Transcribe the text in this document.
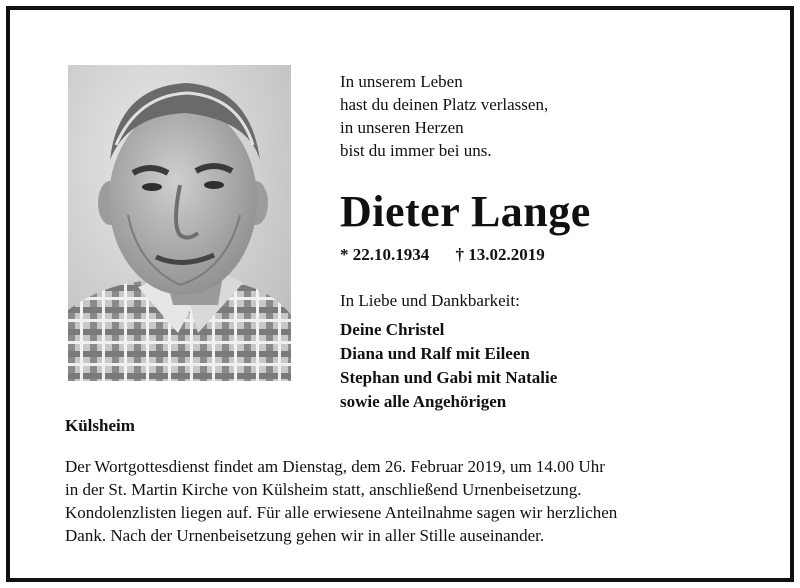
In unserem Leben
hast du deinen Platz verlassen,
in unseren Herzen
bist du immer bei uns.
Dieter Lange
* 22.10.1934 † 13.02.2019
In Liebe und Dankbarkeit:
Deine Christel
Diana und Ralf mit Eileen
Stephan und Gabi mit Natalie
sowie alle Angehörigen
Külsheim
Der Wortgottesdienst findet am Dienstag, dem 26. Februar 2019, um 14.00 Uhr
in der St. Martin Kirche von Külsheim statt, anschließend Urnenbeisetzung.
Kondolenzlisten liegen auf. Für alle erwiesene Anteilnahme sagen wir herzlichen
Dank. Nach der Urnenbeisetzung gehen wir in aller Stille auseinander.
